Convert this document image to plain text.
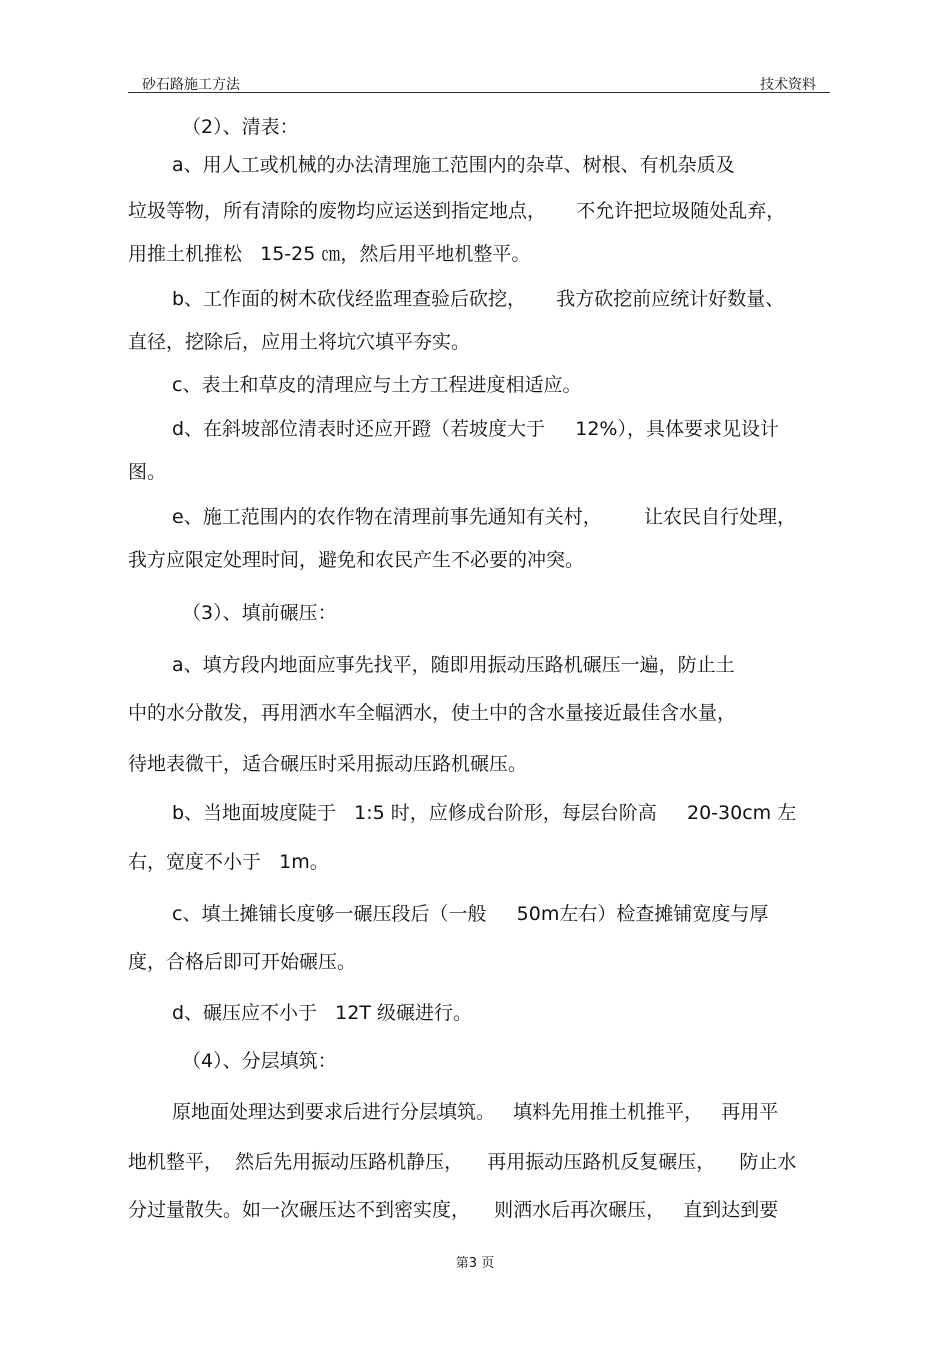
砂石路施工方法	技术资料
（2）、清表：
a、用人工或机械的办法清理施工范围内的杂草、树根、有机杂质及
垃圾等物，所有清除的废物均应运送到指定地点，     不允许把垃圾随处乱弃，
用推土机推松   15-25 ㎝，然后用平地机整平。
b、工作面的树木砍伐经监理查验后砍挖，     我方砍挖前应统计好数量、
直径，挖除后，应用土将坑穴填平夯实。
c、表土和草皮的清理应与土方工程进度相适应。
d、在斜坡部位清表时还应开蹬（若坡度大于     12%），具体要求见设计
图。
e、施工范围内的农作物在清理前事先通知有关村，       让农民自行处理，
我方应限定处理时间，避免和农民产生不必要的冲突。
（3）、填前碾压：
a、填方段内地面应事先找平，随即用振动压路机碾压一遍，防止土
中的水分散发，再用洒水车全幅洒水，使土中的含水量接近最佳含水量，
待地表微干，适合碾压时采用振动压路机碾压。
b、当地面坡度陡于   1:5 时，应修成台阶形，每层台阶高     20-30cm 左
右，宽度不小于   1m。
c、填土摊铺长度够一碾压段后（一般     50m左右）检查摊铺宽度与厚
度，合格后即可开始碾压。
d、碾压应不小于   12T 级碾进行。
（4）、分层填筑：
原地面处理达到要求后进行分层填筑。   填料先用推土机推平，   再用平
地机整平，  然后先用振动压路机静压，    再用振动压路机反复碾压，    防止水
分过量散失。如一次碾压达不到密实度，    则洒水后再次碾压，   直到达到要
第3 页
